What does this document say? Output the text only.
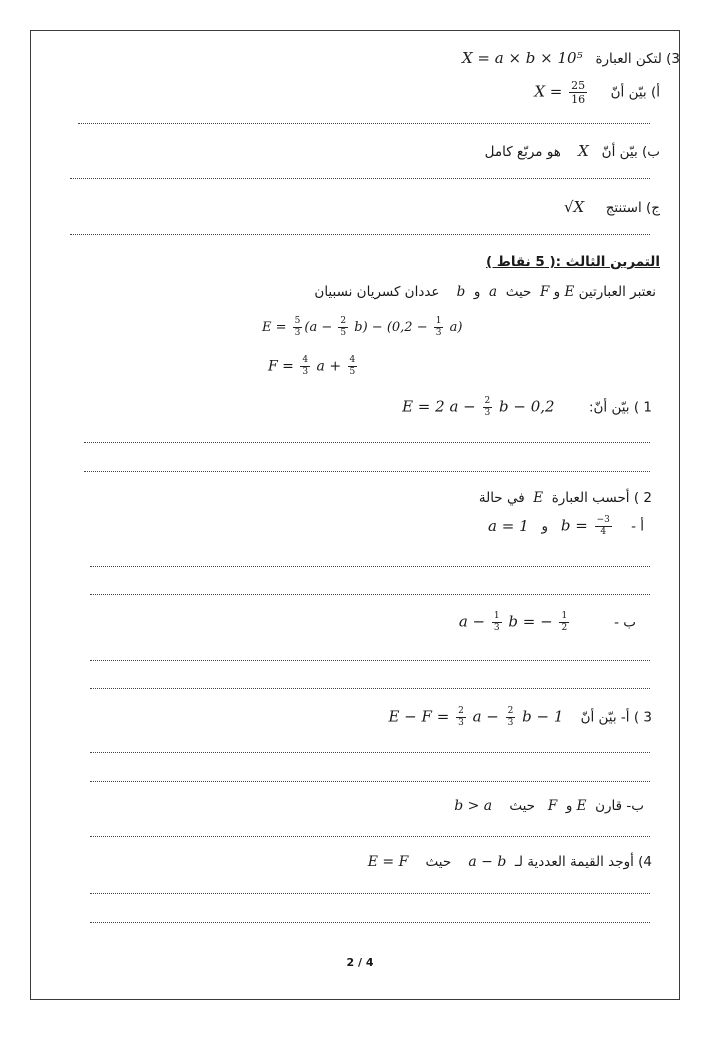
3) لتكن العبارة   X = a × b × 10⁵
أ) بيّن أنّ     $X = \frac{25}{16}$
ب) بيّن أنّ   X    هو مربّع كامل
ج) استنتج     √X
التمرين الثالث :( 5 نقاط )
نعتبر العبارتين E و F  حيث  a  و  b    عددان كسريان نسبيان
$E = \frac{5}{3} (a - \frac{2}{5} b) - (0,2 - \frac{1}{3} a)$
$F = \frac{4}{3}$ $a + \frac{4}{5}$
1 ) بيّن أنّ:        E = 2 $a - \frac{2}{3}$ b − 0,2
2 ) أحسب العبارة  E  في حالة
أ -    $b = \frac{-3}{4}$
و   a = 1
ب -          $a - \frac{1}{3}$ b = − $\frac{1}{2}$
3 ) أ- بيّن أنّ    $E - F = \frac{2}{3}$ $a - \frac{2}{3}$ b − 1
ب- قارن  E و  F   حيث    b > a
4) أوجد القيمة العددية لـ  a − b    حيث    E = F
2 / 4
